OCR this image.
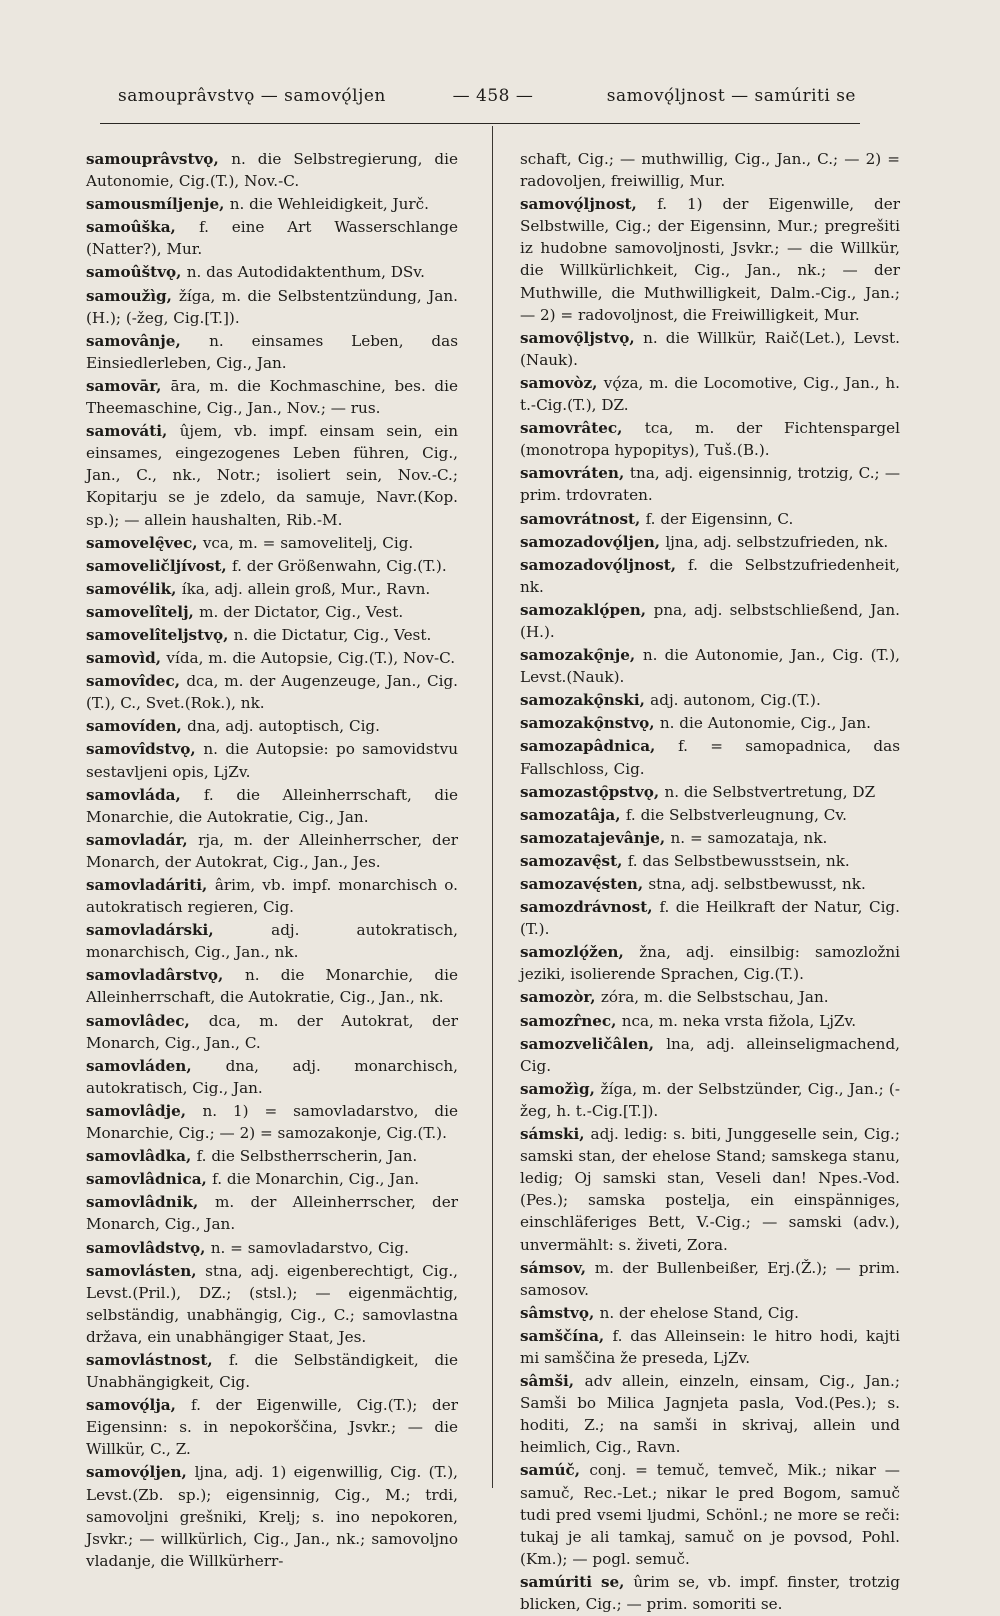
samouprâvstvǫ — samovǫ́ljen	— 458 —	samovǫ́ljnost — samúriti se
samouprâvstvǫ, n. die Selbstregierung, die Autonomie, Cig.(T.), Nov.-C.
samousmíljenje, n. die Wehleidigkeit, Jurč.
samoûška, f. eine Art Wasserschlange (Natter?), Mur.
samoûštvǫ, n. das Autodidaktenthum, DSv.
samoužìg, žíga, m. die Selbstentzündung, Jan. (H.); (-žeg, Cig.[T.]).
samovânje, n. einsames Leben, das Einsiedlerleben, Cig., Jan.
samovār, āra, m. die Kochmaschine, bes. die Theemaschine, Cig., Jan., Nov.; — rus.
samováti, ûjem, vb. impf. einsam sein, ein einsames, eingezogenes Leben führen, Cig., Jan., C., nk., Notr.; isoliert sein, Nov.-C.; Kopitarju se je zdelo, da samuje, Navr.(Kop. sp.); — allein haushalten, Rib.-M.
samovelę̑vec, vca, m. = samovelitelj, Cig.
samoveličljívost, f. der Größenwahn, Cig.(T.).
samovélik, íka, adj. allein groß, Mur., Ravn.
samovelîtelj, m. der Dictator, Cig., Vest.
samovelîteljstvǫ, n. die Dictatur, Cig., Vest.
samovìd, vída, m. die Autopsie, Cig.(T.), Nov-C.
samovîdec, dca, m. der Augenzeuge, Jan., Cig. (T.), C., Svet.(Rok.), nk.
samovíden, dna, adj. autoptisch, Cig.
samovîdstvǫ, n. die Autopsie: po samovidstvu sestavljeni opis, LjZv.
samovláda, f. die Alleinherrschaft, die Monarchie, die Autokratie, Cig., Jan.
samovladár, rja, m. der Alleinherrscher, der Monarch, der Autokrat, Cig., Jan., Jes.
samovladáriti, ârim, vb. impf. monarchisch o. autokratisch regieren, Cig.
samovladárski, adj. autokratisch, monarchisch, Cig., Jan., nk.
samovladârstvǫ, n. die Monarchie, die Alleinherrschaft, die Autokratie, Cig., Jan., nk.
samovlâdec, dca, m. der Autokrat, der Monarch, Cig., Jan., C.
samovláden, dna, adj. monarchisch, autokratisch, Cig., Jan.
samovlâdje, n. 1) = samovladarstvo, die Monarchie, Cig.; — 2) = samozakonje, Cig.(T.).
samovlâdka, f. die Selbstherrscherin, Jan.
samovlâdnica, f. die Monarchin, Cig., Jan.
samovlâdnik, m. der Alleinherrscher, der Monarch, Cig., Jan.
samovlâdstvǫ, n. = samovladarstvo, Cig.
samovlásten, stna, adj. eigenberechtigt, Cig., Levst.(Pril.), DZ.; (stsl.); — eigenmächtig, selbständig, unabhängig, Cig., C.; samovlastna država, ein unabhängiger Staat, Jes.
samovlástnost, f. die Selbständigkeit, die Unabhängigkeit, Cig.
samovǫ́lja, f. der Eigenwille, Cig.(T.); der Eigensinn: s. in nepokorščina, Jsvkr.; — die Willkür, C., Z.
samovǫ́ljen, ljna, adj. 1) eigenwillig, Cig. (T.), Levst.(Zb. sp.); eigensinnig, Cig., M.; trdi, samovoljni grešniki, Krelj; s. ino nepokoren, Jsvkr.; — willkürlich, Cig., Jan., nk.; samovoljno vladanje, die Willkürherr-
schaft, Cig.; — muthwillig, Cig., Jan., C.; — 2) = radovoljen, freiwillig, Mur.
samovǫ́ljnost, f. 1) der Eigenwille, der Selbstwille, Cig.; der Eigensinn, Mur.; pregrešiti iz hudobne samovoljnosti, Jsvkr.; — die Willkür, die Willkürlichkeit, Cig., Jan., nk.; — der Muthwille, die Muthwilligkeit, Dalm.-Cig., Jan.; — 2) = radovoljnost, die Freiwilligkeit, Mur.
samovǫ̑ljstvǫ, n. die Willkür, Raič(Let.), Levst. (Nauk).
samovòz, vǫ́za, m. die Locomotive, Cig., Jan., h. t.-Cig.(T.), DZ.
samovrâtec, tca, m. der Fichtenspargel (monotropa hypopitys), Tuš.(B.).
samovráten, tna, adj. eigensinnig, trotzig, C.; — prim. trdovraten.
samovrátnost, f. der Eigensinn, C.
samozadovǫ́ljen, ljna, adj. selbstzufrieden, nk.
samozadovǫ́ljnost, f. die Selbstzufriedenheit, nk.
samozaklǫ́pen, pna, adj. selbstschließend, Jan. (H.).
samozakǫ̑nje, n. die Autonomie, Jan., Cig. (T.), Levst.(Nauk).
samozakǫ̑nski, adj. autonom, Cig.(T.).
samozakǫ̑nstvǫ, n. die Autonomie, Cig., Jan.
samozapâdnica, f. = samopadnica, das Fallschloss, Cig.
samozastǫ̑pstvǫ, n. die Selbstvertretung, DZ
samozatâja, f. die Selbstverleugnung, Cv.
samozatajevânje, n. = samozataja, nk.
samozavę̑st, f. das Selbstbewusstsein, nk.
samozavę́sten, stna, adj. selbstbewusst, nk.
samozdrávnost, f. die Heilkraft der Natur, Cig.(T.).
samozlǫ́žen, žna, adj. einsilbig: samozložni jeziki, isolierende Sprachen, Cig.(T.).
samozòr, zóra, m. die Selbstschau, Jan.
samozr̂nec, nca, m. neka vrsta fižola, LjZv.
samozveličâlen, lna, adj. alleinseligmachend, Cig.
samožìg, žíga, m. der Selbstzünder, Cig., Jan.; (-žeg, h. t.-Cig.[T.]).
sámski, adj. ledig: s. biti, Junggeselle sein, Cig.; samski stan, der ehelose Stand; samskega stanu, ledig; Oj samski stan, Veseli dan! Npes.-Vod.(Pes.); samska postelja, ein einspänniges, einschläferiges Bett, V.-Cig.; — samski (adv.), unvermählt: s. živeti, Zora.
sámsov, m. der Bullenbeißer, Erj.(Ž.); — prim. samosov.
sâmstvǫ, n. der ehelose Stand, Cig.
samščína, f. das Alleinsein: le hitro hodi, kajti mi samščina že preseda, LjZv.
sâmši, adv allein, einzeln, einsam, Cig., Jan.; Samši bo Milica Jagnjeta pasla, Vod.(Pes.); s. hoditi, Z.; na samši in skrivaj, allein und heimlich, Cig., Ravn.
samúč, conj. = temuč, temveč, Mik.; nikar — samuč, Rec.-Let.; nikar le pred Bogom, samuč tudi pred vsemi ljudmi, Schönl.; ne more se reči: tukaj je ali tamkaj, samuč on je povsod, Pohl.(Km.); — pogl. semuč.
samúriti se, ûrim se, vb. impf. finster, trotzig blicken, Cig.; — prim. somoriti se.
